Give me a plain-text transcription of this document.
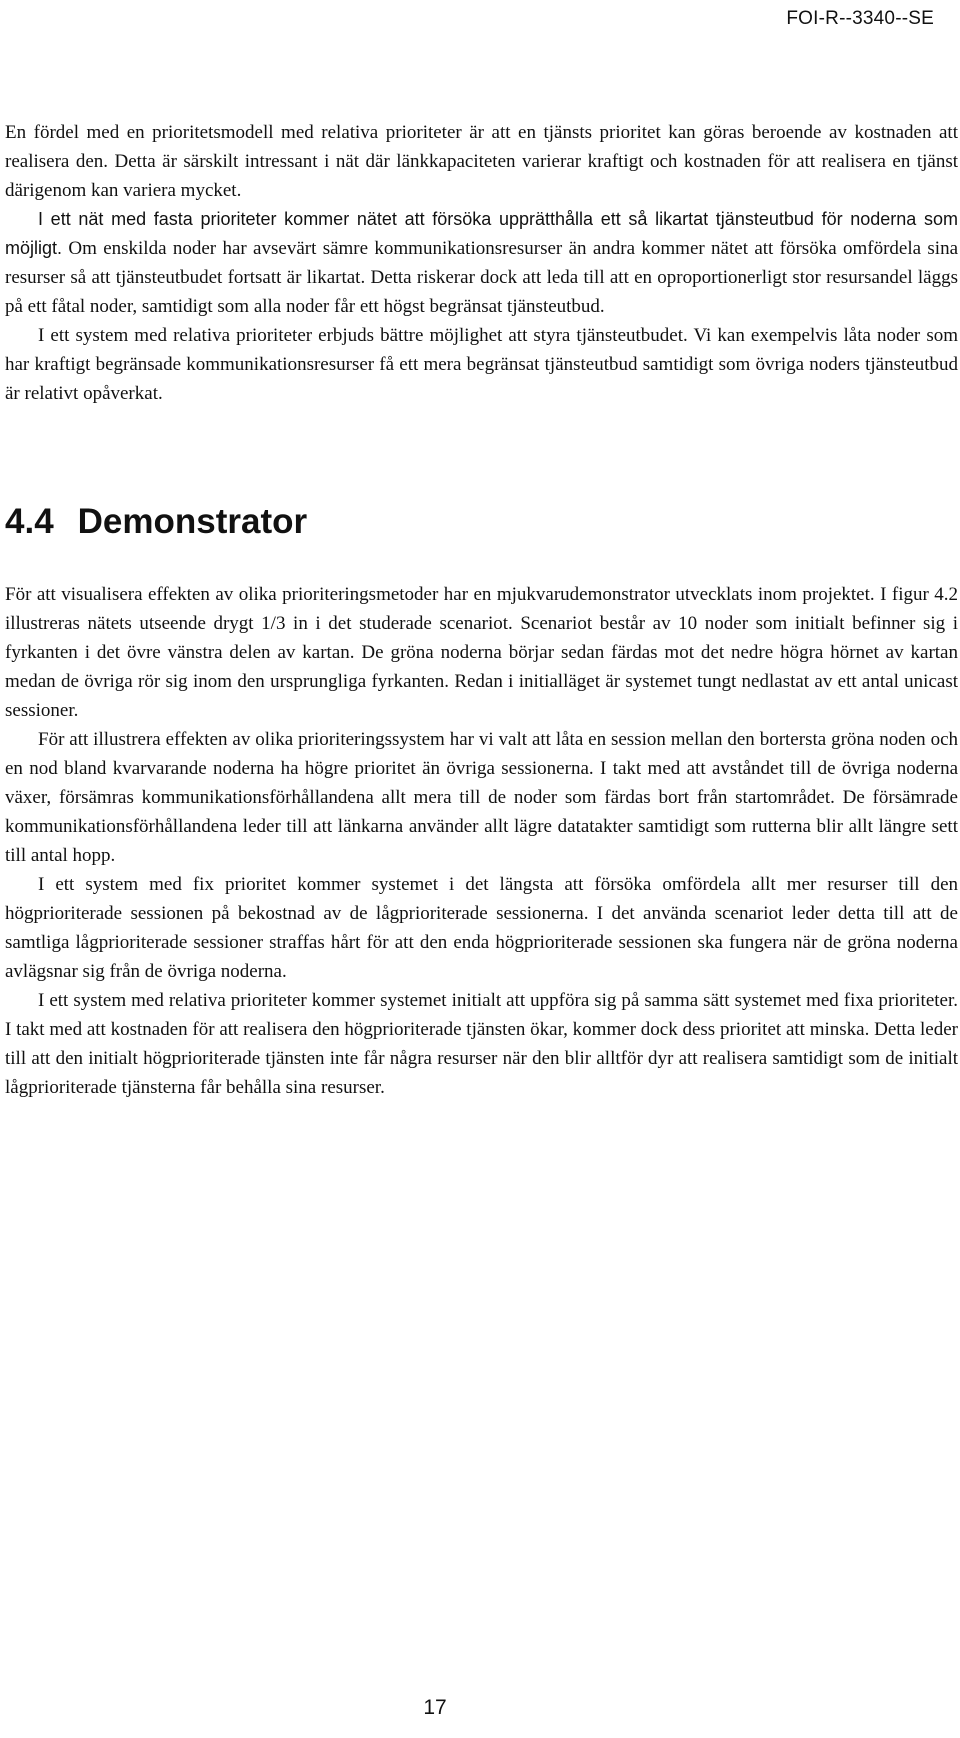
FOI-R--3340--SE

En fördel med en prioritetsmodell med relativa prioriteter är att en tjänsts prioritet kan göras beroende av kostnaden att realisera den. Detta är särskilt intressant i nät där länkkapaciteten varierar kraftigt och kostnaden för att realisera en tjänst därigenom kan variera mycket.

I ett nät med fasta prioriteter kommer nätet att försöka upprätthålla ett så likartat tjänsteutbud för noderna som möjligt. Om enskilda noder har avsevärt sämre kommunikationsresurser än andra kommer nätet att försöka omfördela sina resurser så att tjänsteutbudet fortsatt är likartat. Detta riskerar dock att leda till att en oproportionerligt stor resursandel läggs på ett fåtal noder, samtidigt som alla noder får ett högst begränsat tjänsteutbud.

I ett system med relativa prioriteter erbjuds bättre möjlighet att styra tjänsteutbudet. Vi kan exempelvis låta noder som har kraftigt begränsade kommunikationsresurser få ett mera begränsat tjänsteutbud samtidigt som övriga noders tjänsteutbud är relativt opåverkat.

4.4 Demonstrator

För att visualisera effekten av olika prioriteringsmetoder har en mjukvarudemonstrator utvecklats inom projektet. I figur 4.2 illustreras nätets utseende drygt 1/3 in i det studerade scenariot. Scenariot består av 10 noder som initialt befinner sig i fyrkanten i det övre vänstra delen av kartan. De gröna noderna börjar sedan färdas mot det nedre högra hörnet av kartan medan de övriga rör sig inom den ursprungliga fyrkanten. Redan i initialläget är systemet tungt nedlastat av ett antal unicast sessioner.

För att illustrera effekten av olika prioriteringssystem har vi valt att låta en session mellan den bortersta gröna noden och en nod bland kvarvarande noderna ha högre prioritet än övriga sessionerna. I takt med att avståndet till de övriga noderna växer, försämras kommunikationsförhållandena allt mera till de noder som färdas bort från startområdet. De försämrade kommunikationsförhållandena leder till att länkarna använder allt lägre datatakter samtidigt som rutterna blir allt längre sett till antal hopp.

I ett system med fix prioritet kommer systemet i det längsta att försöka omfördela allt mer resurser till den högprioriterade sessionen på bekostnad av de lågprioriterade sessionerna. I det använda scenariot leder detta till att de samtliga lågprioriterade sessioner straffas hårt för att den enda högprioriterade sessionen ska fungera när de gröna noderna avlägsnar sig från de övriga noderna.

I ett system med relativa prioriteter kommer systemet initialt att uppföra sig på samma sätt systemet med fixa prioriteter. I takt med att kostnaden för att realisera den högprioriterade tjänsten ökar, kommer dock dess prioritet att minska. Detta leder till att den initialt högprioriterade tjänsten inte får några resurser när den blir alltför dyr att realisera samtidigt som de initialt lågprioriterade tjänsterna får behålla sina resurser.

17
